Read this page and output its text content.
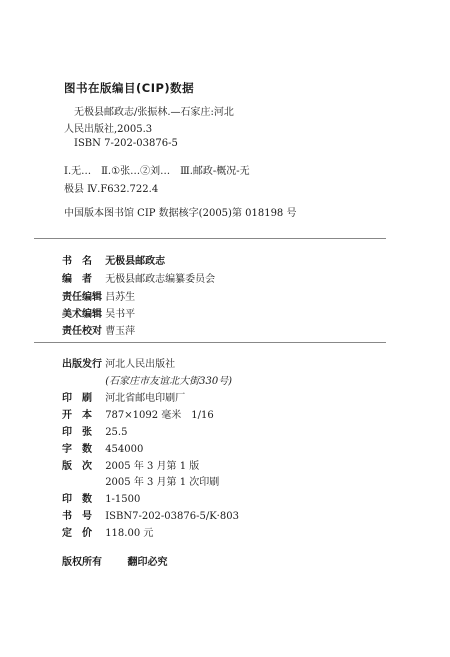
图书在版编目(CIP)数据
无极县邮政志/张振林.—石家庄:河北
人民出版社,2005.3
ISBN 7-202-03876-5
Ⅰ.无…　Ⅱ.①张…②刘…　Ⅲ.邮政-概况-无
极县 Ⅳ.F632.722.4
中国版本图书馆 CIP 数据核字(2005)第 018198 号
书　名 无极县邮政志
编　者 无极县邮政志编纂委员会
责任编辑 吕苏生
美术编辑 吴书平
责任校对 曹玉萍
出版发行 河北人民出版社
(石家庄市友谊北大街330号)
印　刷 河北省邮电印刷厂
开　本 787×1092 毫米　1/16
印　张 25.5
字　数 454000
版　次 2005 年 3 月第 1 版
2005 年 3 月第 1 次印刷
印　数 1-1500
书　号 ISBN7-202-03876-5/K·803
定　价 118.00 元
版权所有	翻印必究
